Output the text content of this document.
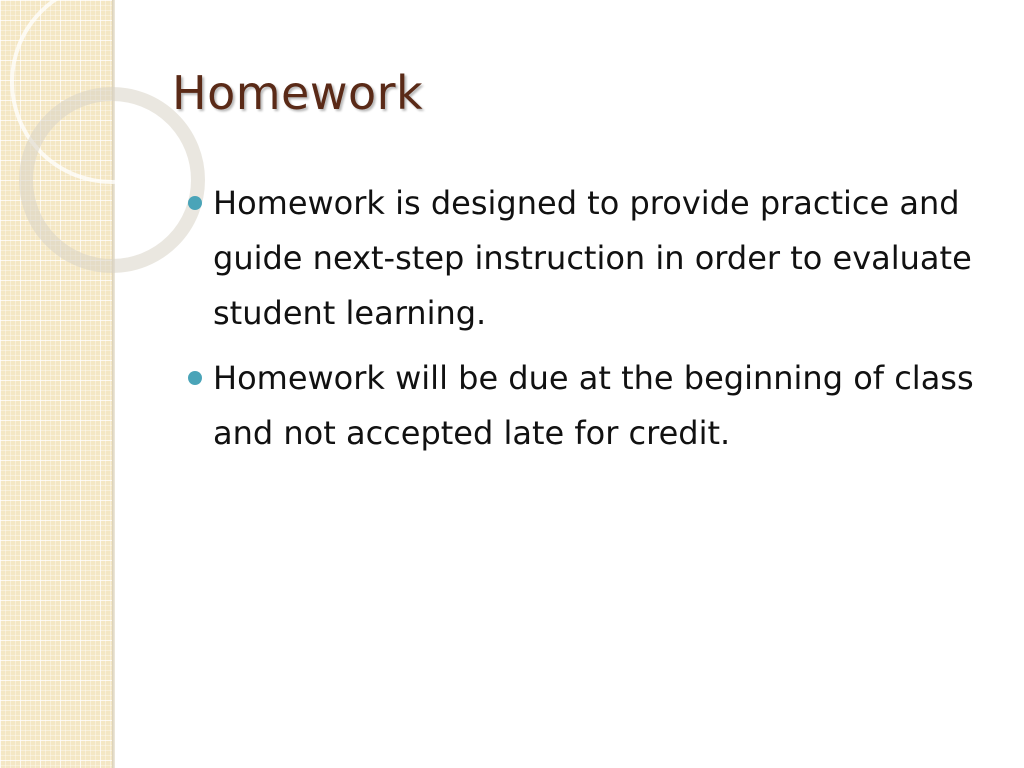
Homework
Homework is designed to provide practice and guide next-step instruction in order to evaluate student learning.
Homework will be due at the beginning of class and not accepted late for credit.
